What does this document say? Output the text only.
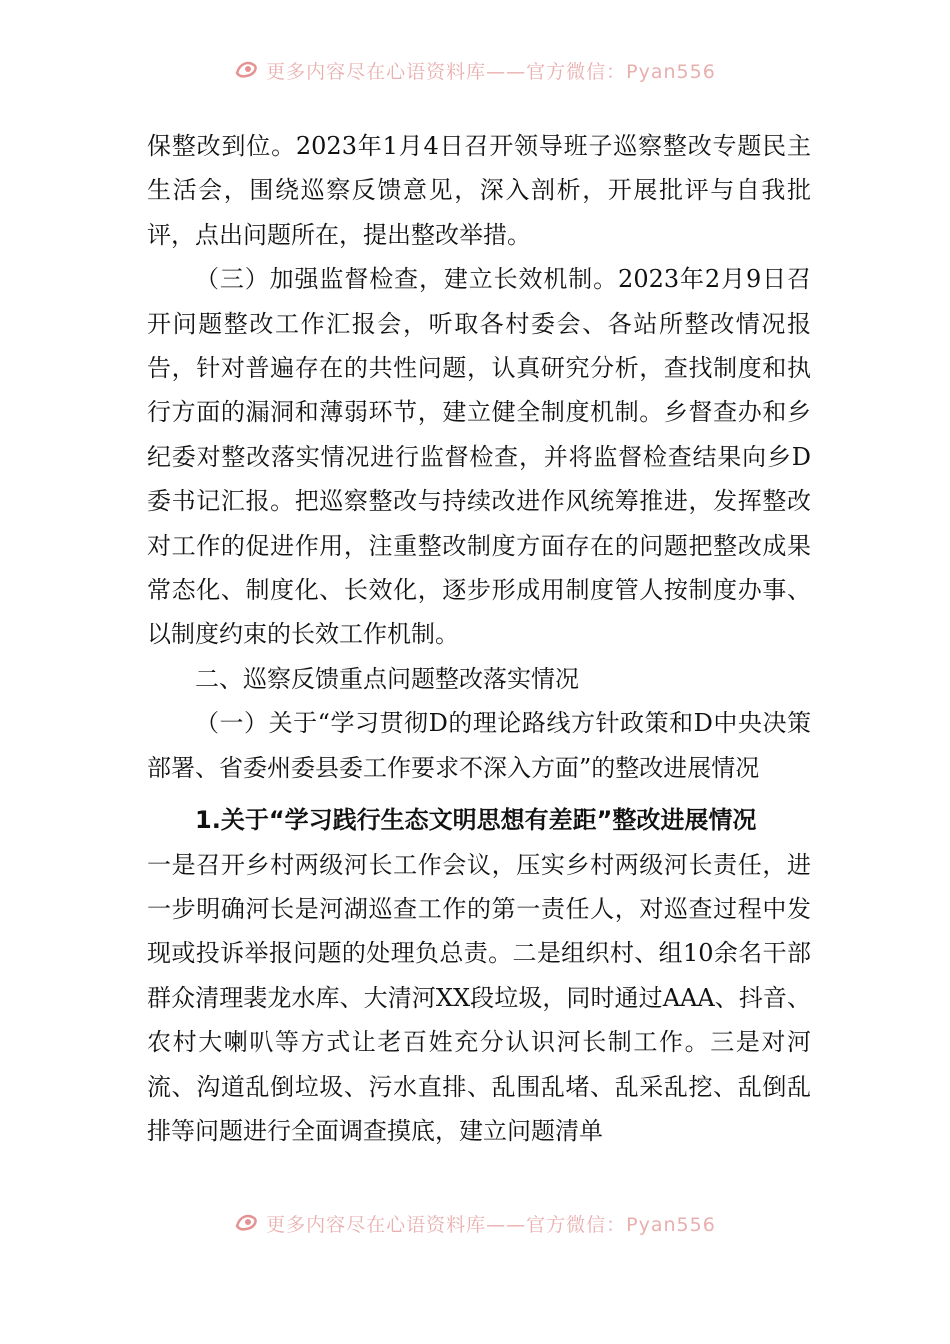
更多内容尽在心语资料库——官方微信：Pyan556

保整改到位。2023年1月4日召开领导班子巡察整改专题民主生活会，围绕巡察反馈意见，深入剖析，开展批评与自我批评，点出问题所在，提出整改举措。

（三）加强监督检查，建立长效机制。2023年2月9日召开问题整改工作汇报会，听取各村委会、各站所整改情况报告，针对普遍存在的共性问题，认真研究分析，查找制度和执行方面的漏洞和薄弱环节，建立健全制度机制。乡督查办和乡纪委对整改落实情况进行监督检查，并将监督检查结果向乡D委书记汇报。把巡察整改与持续改进作风统筹推进，发挥整改对工作的促进作用，注重整改制度方面存在的问题把整改成果常态化、制度化、长效化，逐步形成用制度管人按制度办事、以制度约束的长效工作机制。

二、巡察反馈重点问题整改落实情况

（一）关于“学习贯彻D的理论路线方针政策和D中央决策部署、省委州委县委工作要求不深入方面”的整改进展情况

1.关于“学习践行生态文明思想有差距”整改进展情况

一是召开乡村两级河长工作会议，压实乡村两级河长责任，进一步明确河长是河湖巡查工作的第一责任人，对巡查过程中发现或投诉举报问题的处理负总责。二是组织村、组10余名干部群众清理裴龙水库、大清河XX段垃圾，同时通过AAA、抖音、农村大喇叭等方式让老百姓充分认识河长制工作。三是对河流、沟道乱倒垃圾、污水直排、乱围乱堵、乱采乱挖、乱倒乱排等问题进行全面调查摸底，建立问题清单

更多内容尽在心语资料库——官方微信：Pyan556
